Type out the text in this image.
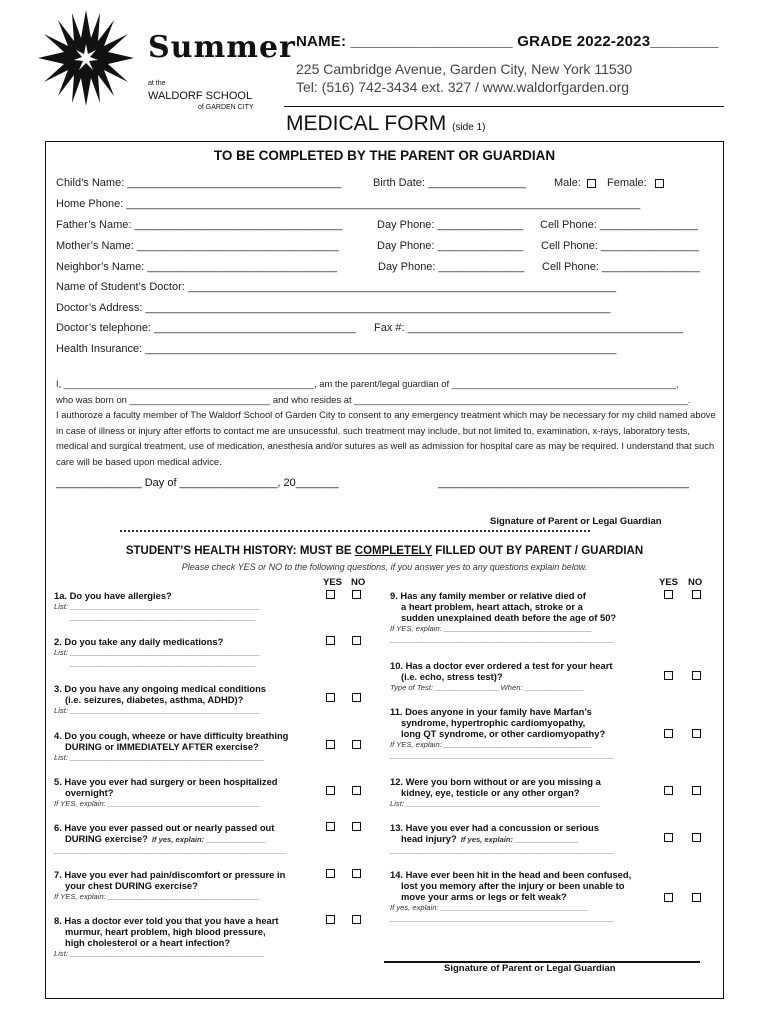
Summer
at the
WALDORF SCHOOL
of GARDEN CITY
NAME: ___________________ GRADE 2022-2023________
225 Cambridge Avenue, Garden City, New York 11530
Tel: (516) 742-3434 ext. 327 / www.waldorfgarden.org
MEDICAL FORM (side 1)
TO BE COMPLETED BY THE PARENT OR GUARDIAN
Child’s Name: ___________________________________	Birth Date: ________________	Male: Female:
Home Phone: ____________________________________________________________________________________
Father’s Name: __________________________________	Day Phone: ______________ Cell Phone: ________________
Mother’s Name: _________________________________	Day Phone: ______________ Cell Phone: ________________
Neighbor’s Name: _______________________________	Day Phone: ______________ Cell Phone: ________________
Name of Student’s Doctor: ______________________________________________________________________
Doctor’s Address: ____________________________________________________________________________
Doctor’s telephone: _________________________________ Fax #: _____________________________________________
Health Insurance: _____________________________________________________________________________
I, ________________________________________________, am the parent/legal guardian of ___________________________________________,
who was born on ___________________________ and who resides at ________________________________________________________________.
I authoroze a faculty member of The Waldorf School of Garden City to consent to any emergency treatment which may be necessary for my child named above in case of illness or injury after efforts to contact me are unsucessful. such treatment may include, but not limited to, examination, x-rays, laboratory tests, medical and surgical treatment, use of medication, anesthesia and/or sutures as well as admission for hospital care as may be required. I understand that such care will be based upon medical advice.
______________ Day of ________________, 20_______	_________________________________________
Signature of Parent or Legal Guardian
STUDENT’S HEALTH HISTORY: MUST BE COMPLETELY FILLED OUT BY PARENT / GUARDIAN
Please check YES or NO to the following questions, if you answer yes to any questions explain below.
YES NO	YES NO
1a. Do you have allergies?
List: _____________________________________________
____________________________________________
2. Do you take any daily medications?
List: _____________________________________________
____________________________________________
3. Do you have any ongoing medical conditions
(i.e. seizures, diabetes, asthma, ADHD)?
List: _____________________________________________
4. Do you cough, wheeze or have difficulty breathing
DURING or IMMEDIATELY AFTER exercise?
List: ______________________________________________
5. Have you ever had surgery or been hospitalized
overnight?
If YES, explain: ____________________________________
6. Have you ever passed out or nearly passed out
DURING exercise? If yes, explain: ______________
_______________________________________________________
7. Have you ever had pain/discomfort or pressure in
your chest DURING exercise?
If YES, explain: ____________________________________
8. Has a doctor ever told you that you have a heart
murmur, heart problem, high blood pressure,
high cholesterol or a heart infection?
List: ______________________________________________
9. Has any family member or relative died of
a heart problem, heart attach, stroke or a
sudden unexplained death before the age of 50?
If YES, explain: ___________________________________
_____________________________________________________
10. Has a doctor ever ordered a test for your heart
(i.e. echo, stress test)?
Type of Test: _______________ When: ______________
11. Does anyone in your family have Marfan’s
syndrome, hypertrophic cardiomyopathy,
long QT syndrome, or other cardiomyopathy?
If YES, explain: ___________________________________
_____________________________________________________
12. Were you born without or are you missing a
kidney, eye, testicle or any other organ?
List: ______________________________________________
13. Have you ever had a concussion or serious
head injury? If yes, explain: _______________
_____________________________________________________
14. Have ever been hit in the head and been confused,
lost you memory after the injury or been unable to
move your arms or legs or felt weak?
If yes, explain: ___________________________________
_____________________________________________________
Signature of Parent or Legal Guardian
